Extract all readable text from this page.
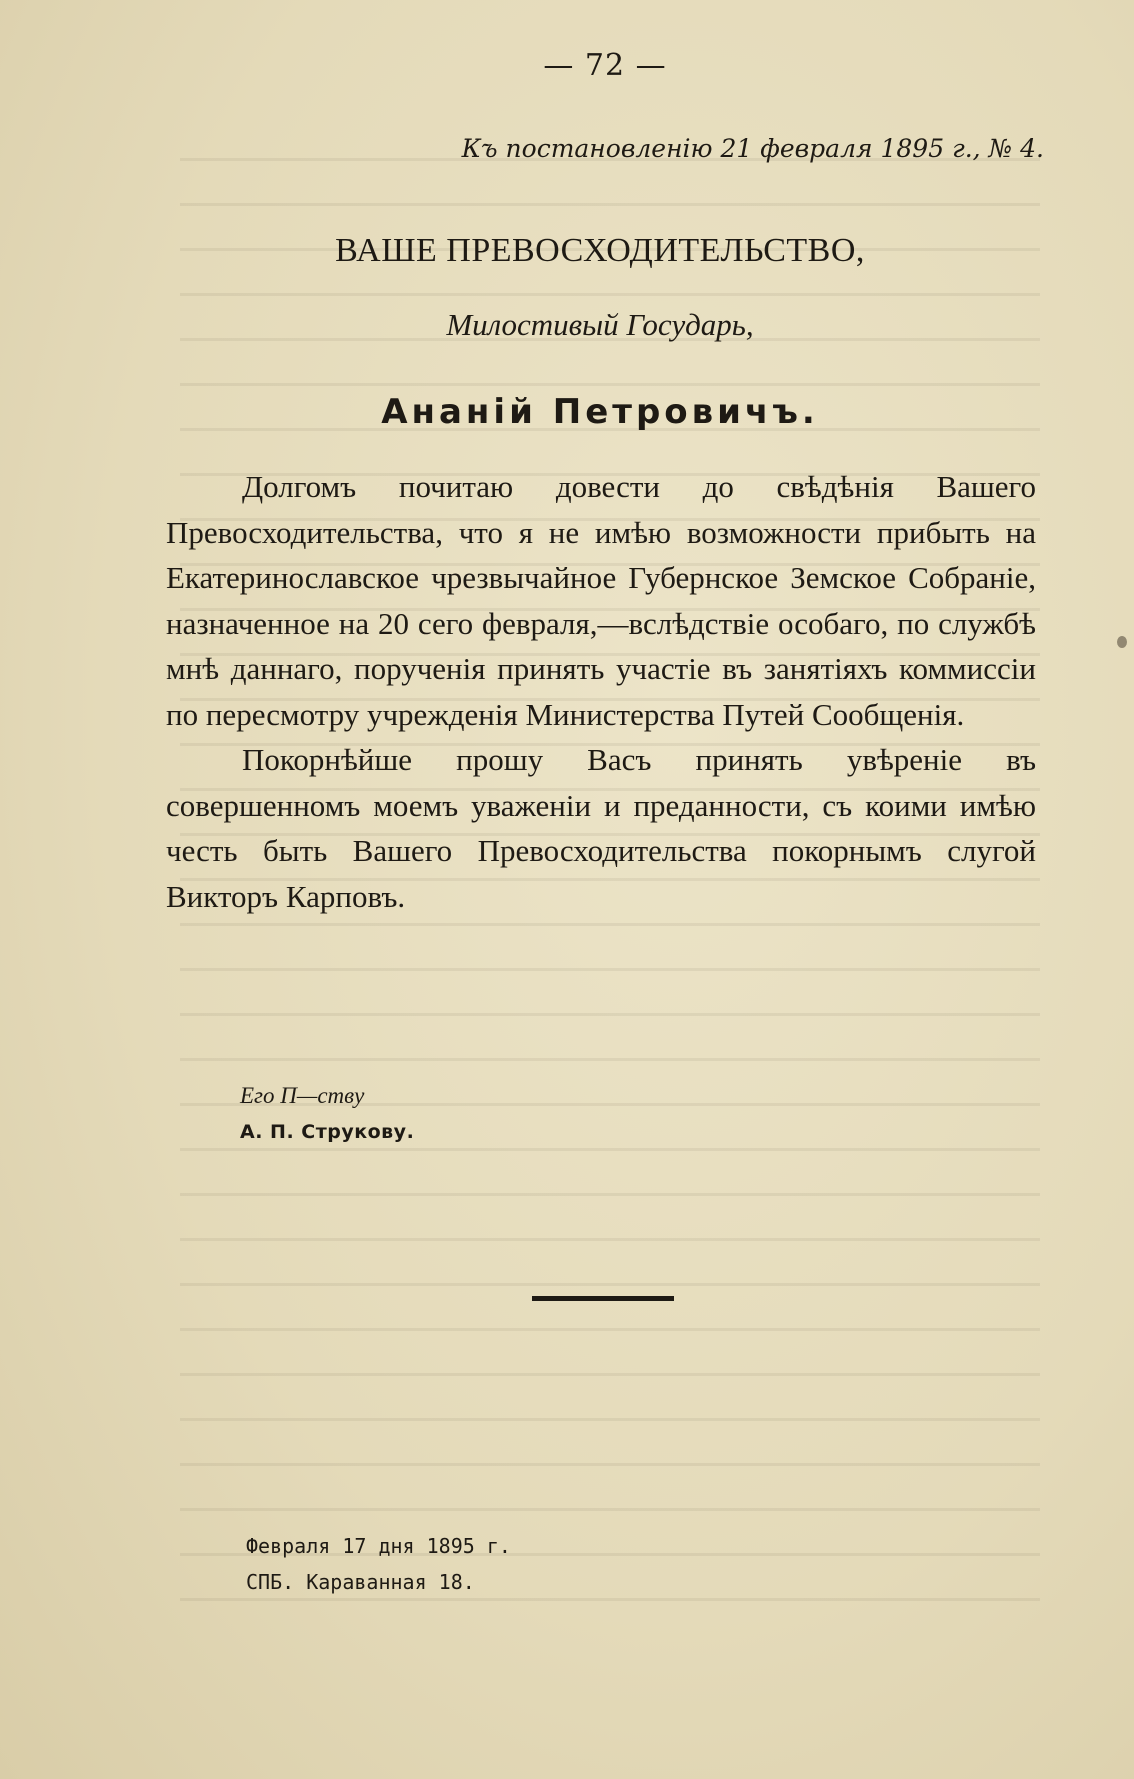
— 72 —
Къ постановленію 21 февраля 1895 г., № 4.
ВАШЕ ПРЕВОСХОДИТЕЛЬСТВО,
Милостивый Государь,
Ананій Петровичъ.

Долгомъ почитаю довести до свѣдѣнія Вашего Превосходительства, что я не имѣю возможности прибыть на Екатеринославское чрезвычайное Губернское Земское Собраніе, назначенное на 20 сего февраля,—вслѣдствіе особаго, по службѣ мнѣ даннаго, порученія принять участіе въ занятіяхъ коммиссіи по пересмотру учрежденія Министерства Путей Сообщенія.

Покорнѣйше прошу Васъ принять увѣреніе въ совершенномъ моемъ уваженіи и преданности, съ коими имѣю честь быть Вашего Превосходительства покорнымъ слугой Викторъ Карповъ.

Его П—ству
А. П. Струкову.
Февраля 17 дня 1895 г.
СПБ. Караванная 18.
